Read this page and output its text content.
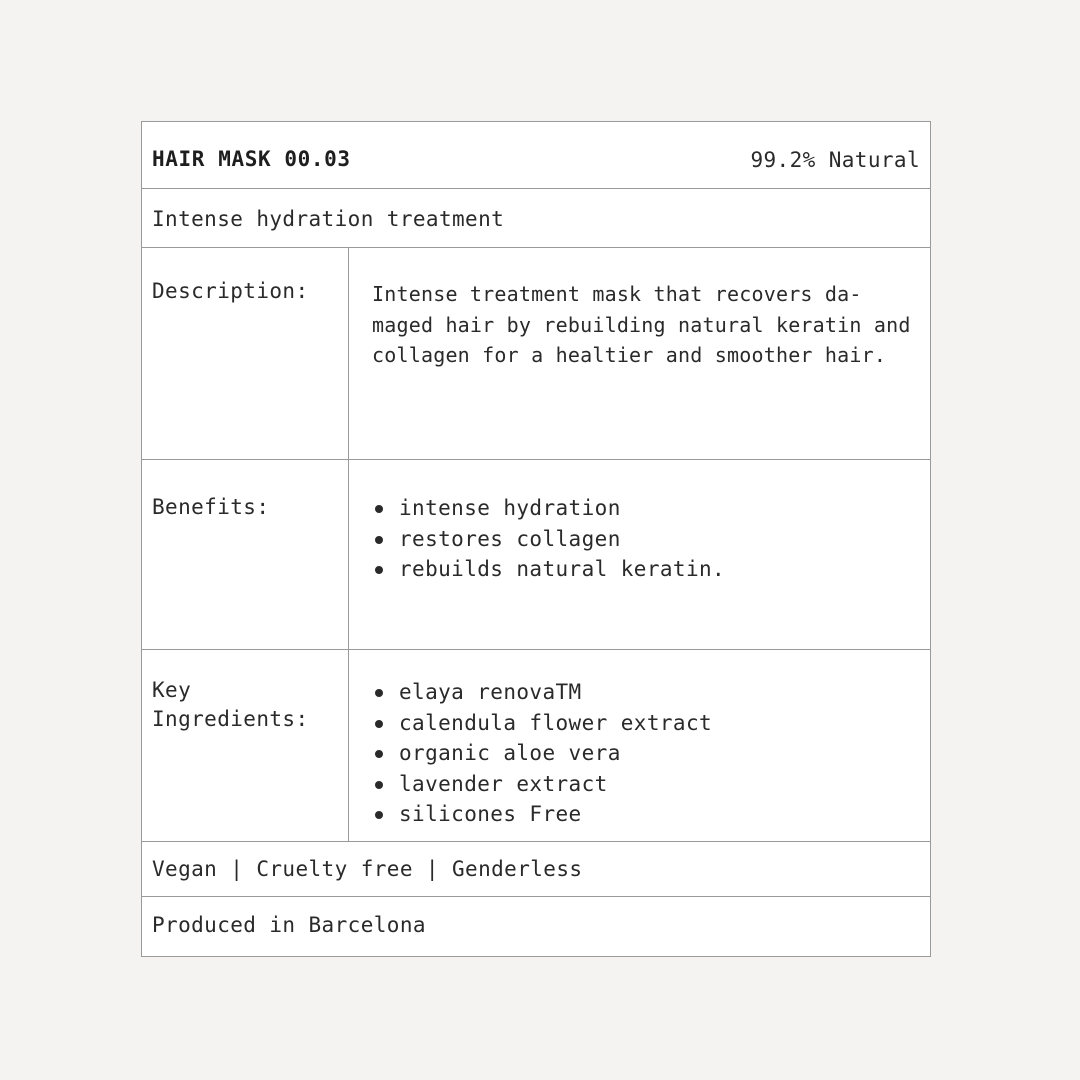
HAIR MASK 00.03	99.2% Natural
Intense hydration treatment
Description:	Intense treatment mask that recovers da-maged hair by rebuilding natural keratin and collagen for a healtier and smoother hair.
Benefits:	intense hydration
restores collagen
rebuilds natural keratin.
Key
Ingredients:
elaya renovaTM
calendula flower extract
organic aloe vera
lavender extract
silicones Free
Vegan | Cruelty free | Genderless
Produced in Barcelona
